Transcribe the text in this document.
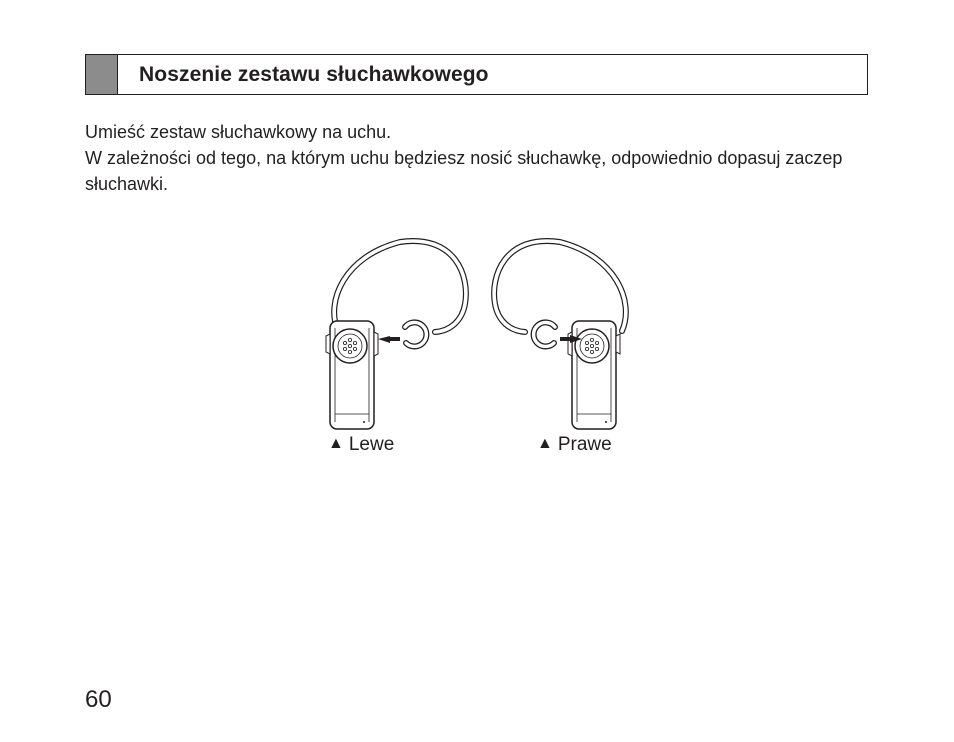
Noszenie zestawu słuchawkowego

Umieść zestaw słuchawkowy na uchu.

W zależności od tego, na którym uchu będziesz nosić słuchawkę, odpowiednio dopasuj zaczep słuchawki.

▲ Lewe	▲ Prawe
60
